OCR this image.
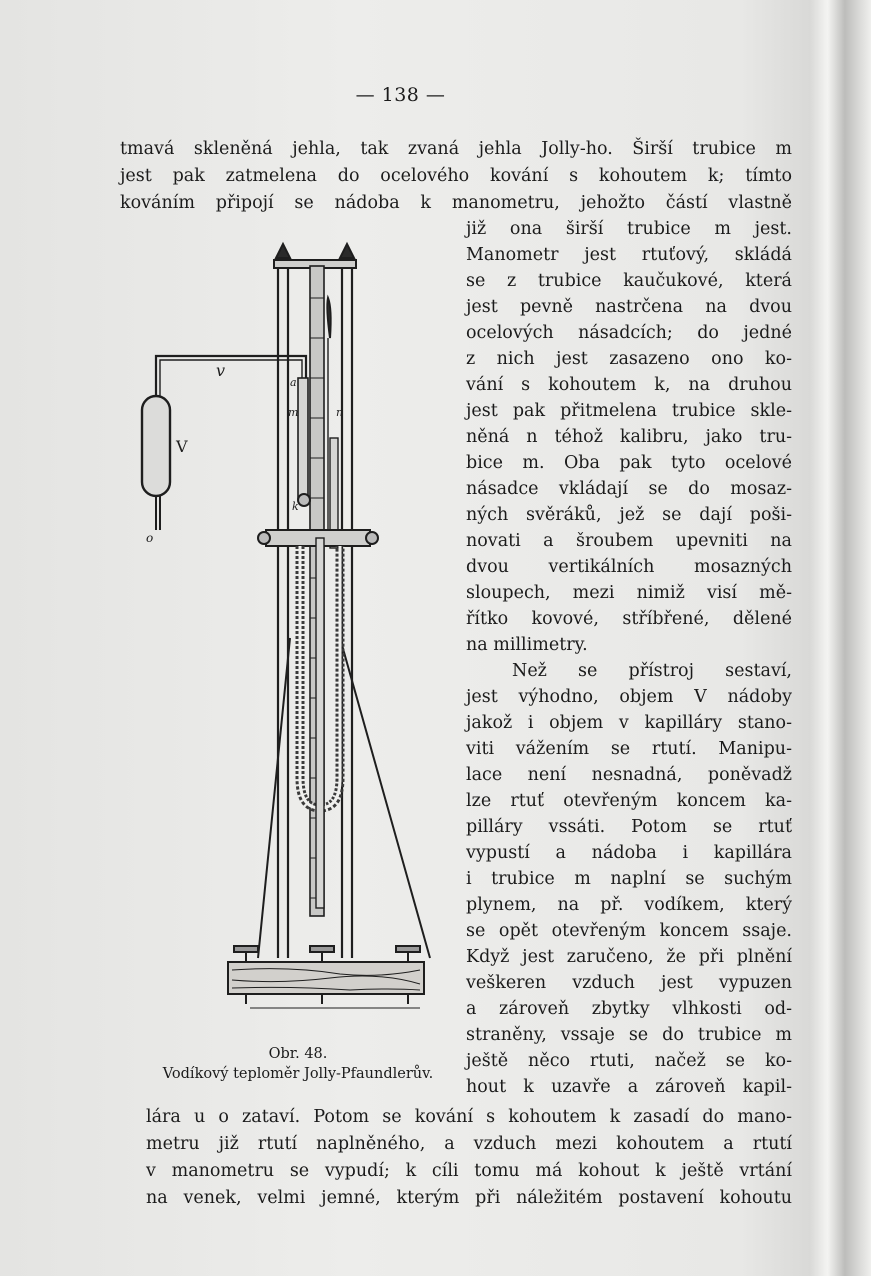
— 138 —
tmavá skleněná jehla, tak zvaná jehla Jolly-ho. Širší trubice m
jest pak zatmelena do ocelového kování s kohoutem k; tímto
kováním připojí se nádoba k manometru, jehožto částí vlastně
již ona širší trubice m jest.
Manometr jest rtuťový, skládá
se z trubice kaučukové, která
jest pevně nastrčena na dvou
ocelových násadcích; do jedné
z nich jest zasazeno ono ko-
vání s kohoutem k, na druhou
jest pak přitmelena trubice skle-
něná n téhož kalibru, jako tru-
bice m. Oba pak tyto ocelové
násadce vkládají se do mosaz-
ných svěráků, jež se dají poši-
novati a šroubem upevniti na
dvou vertikálních mosazných
sloupech, mezi nimiž visí mě-
řítko kovové, stříbřené, dělené
na millimetry.
Než se přístroj sestaví,
jest výhodno, objem V nádoby
jakož i objem v kapilláry stano-
viti vážením se rtutí. Manipu-
lace není nesnadná, poněvadž
lze rtuť otevřeným koncem ka-
pilláry vssáti. Potom se rtuť
vypustí a nádoba i kapillára
i trubice m naplní se suchým
plynem, na př. vodíkem, který
se opět otevřeným koncem ssaje.
Když jest zaručeno, že při plnění
veškeren vzduch jest vypuzen
a zároveň zbytky vlhkosti od-
straněny, vssaje se do trubice m
ještě něco rtuti, načež se ko-
hout k uzavře a zároveň kapil-
lára u o zataví. Potom se kování s kohoutem k zasadí do mano-
metru již rtutí naplněného, a vzduch mezi kohoutem a rtutí
v manometru se vypudí; k cíli tomu má kohout k ještě vrtání
na venek, velmi jemné, kterým při náležitém postavení kohoutu
v
V
o
a
m	n
k
Obr. 48.
Vodíkový teploměr Jolly-Pfaundlerův.
